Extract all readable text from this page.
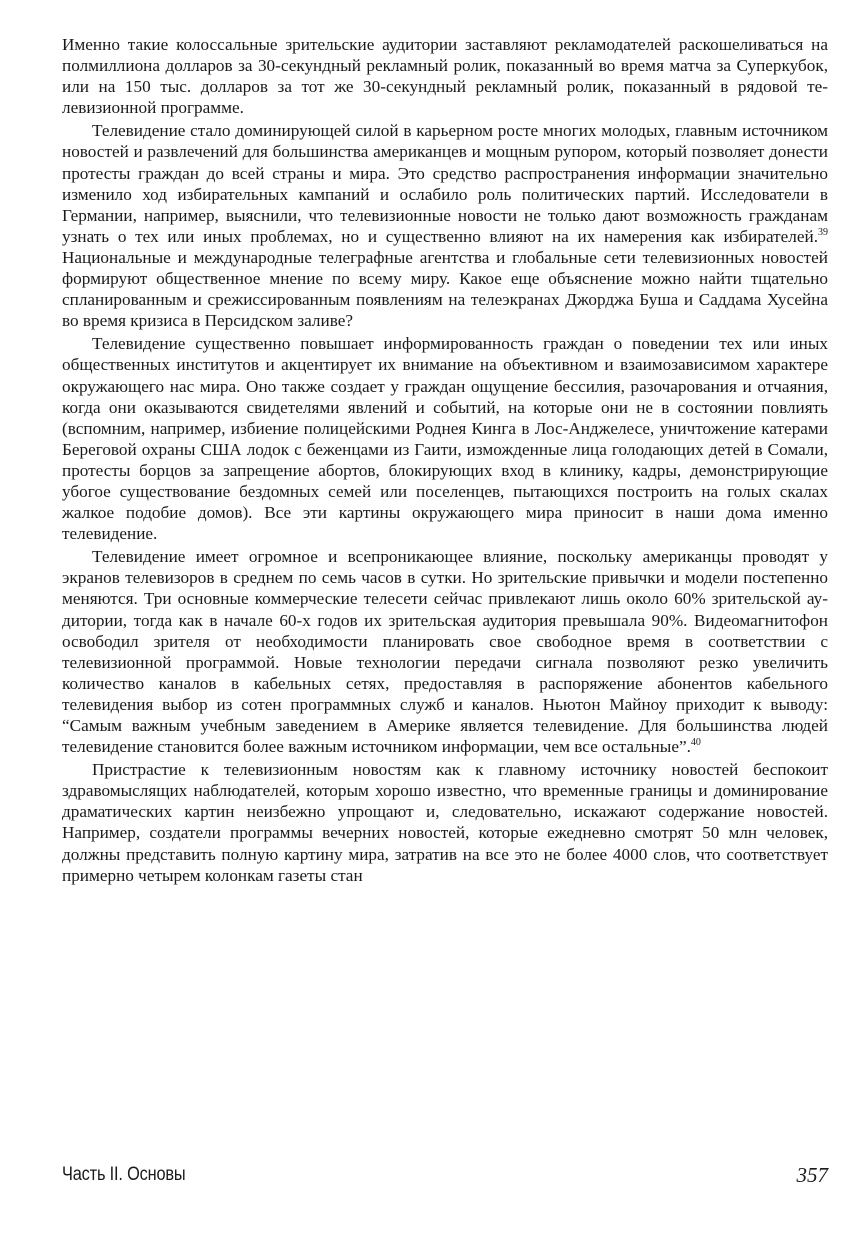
Именно такие колоссальные зрительские аудитории заставляют рекламодателей раскошеливаться на полмиллиона долларов за 30-секундный рекламный ролик, показанный во время матча за Суперкубок, или на 150 тыс. долларов за тот же 30-секундный рекламный ролик, показанный в рядовой телевизионной программе.

Телевидение стало доминирующей силой в карьерном росте многих молодых, главным источником новостей и развлечений для большинства американцев и мощным рупором, который позволяет донести протесты граждан до всей страны и мира. Это средство распространения информации значительно изменило ход избирательных кампаний и ослабило роль политических партий. Исследователи в Германии, например, выяснили, что телевизионные новости не только дают возможность гражданам узнать о тех или иных проблемах, но и существенно влияют на их намерения как избирателей.$^{39}$ Национальные и международные телеграфные агентства и глобальные сети телевизионных новостей формируют общественное мнение по всему миру. Какое еще объяснение можно найти тщательно спланированным и срежиссированным появлениям на телеэкранах Джорджа Буша и Саддама Хусейна во время кризиса в Персидском заливе?

Телевидение существенно повышает информированность граждан о поведении тех или иных общественных институтов и акцентирует их внимание на объективном и взаимозависимом характере окружающего нас мира. Оно также создает у граждан ощущение бессилия, разочарования и отчаяния, когда они оказываются свидетелями явлений и событий, на которые они не в состоянии повлиять (вспомним, например, избиение полицейскими Роднея Кинга в Лос-Анджелесе, уничтожение катерами Береговой охраны США лодок с беженцами из Гаити, изможденные лица голодающих детей в Сомали, протесты борцов за запрещение абортов, блокирующих вход в клинику, кадры, демонстрирующие убогое существование бездомных семей или поселенцев, пытающихся построить на голых скалах жалкое подобие домов). Все эти картины окружающего мира приносит в наши дома именно телевидение.

Телевидение имеет огромное и всепроникающее влияние, поскольку американцы проводят у экранов телевизоров в среднем по семь часов в сутки. Но зрительские привычки и модели постепенно меняются. Три основные коммерческие телесети сейчас привлекают лишь около 60% зрительской аудитории, тогда как в начале 60-х годов их зрительская аудитория превышала 90%. Видеомагнитофон освободил зрителя от необходимости планировать свое свободное время в соответствии с телевизионной программой. Новые технологии передачи сигнала позволяют резко увеличить количество каналов в кабельных сетях, предоставляя в распоряжение абонентов кабельного телевидения выбор из сотен программных служб и каналов. Ньютон Майноу приходит к выводу: “Самым важным учебным заведением в Америке является телевидение. Для большинства людей телевидение становится более важным источником информации, чем все остальные”.$^{40}$

Пристрастие к телевизионным новостям как к главному источнику новостей беспокоит здравомыслящих наблюдателей, которым хорошо известно, что временные границы и доминирование драматических картин неизбежно упрощают и, следовательно, искажают содержание новостей. Например, создатели программы вечерних новостей, которые ежедневно смотрят 50 млн человек, должны представить полную картину мира, затратив на все это не более 4000 слов, что соответствует примерно четырем колонкам газеты стан

Часть II. Основы	357
